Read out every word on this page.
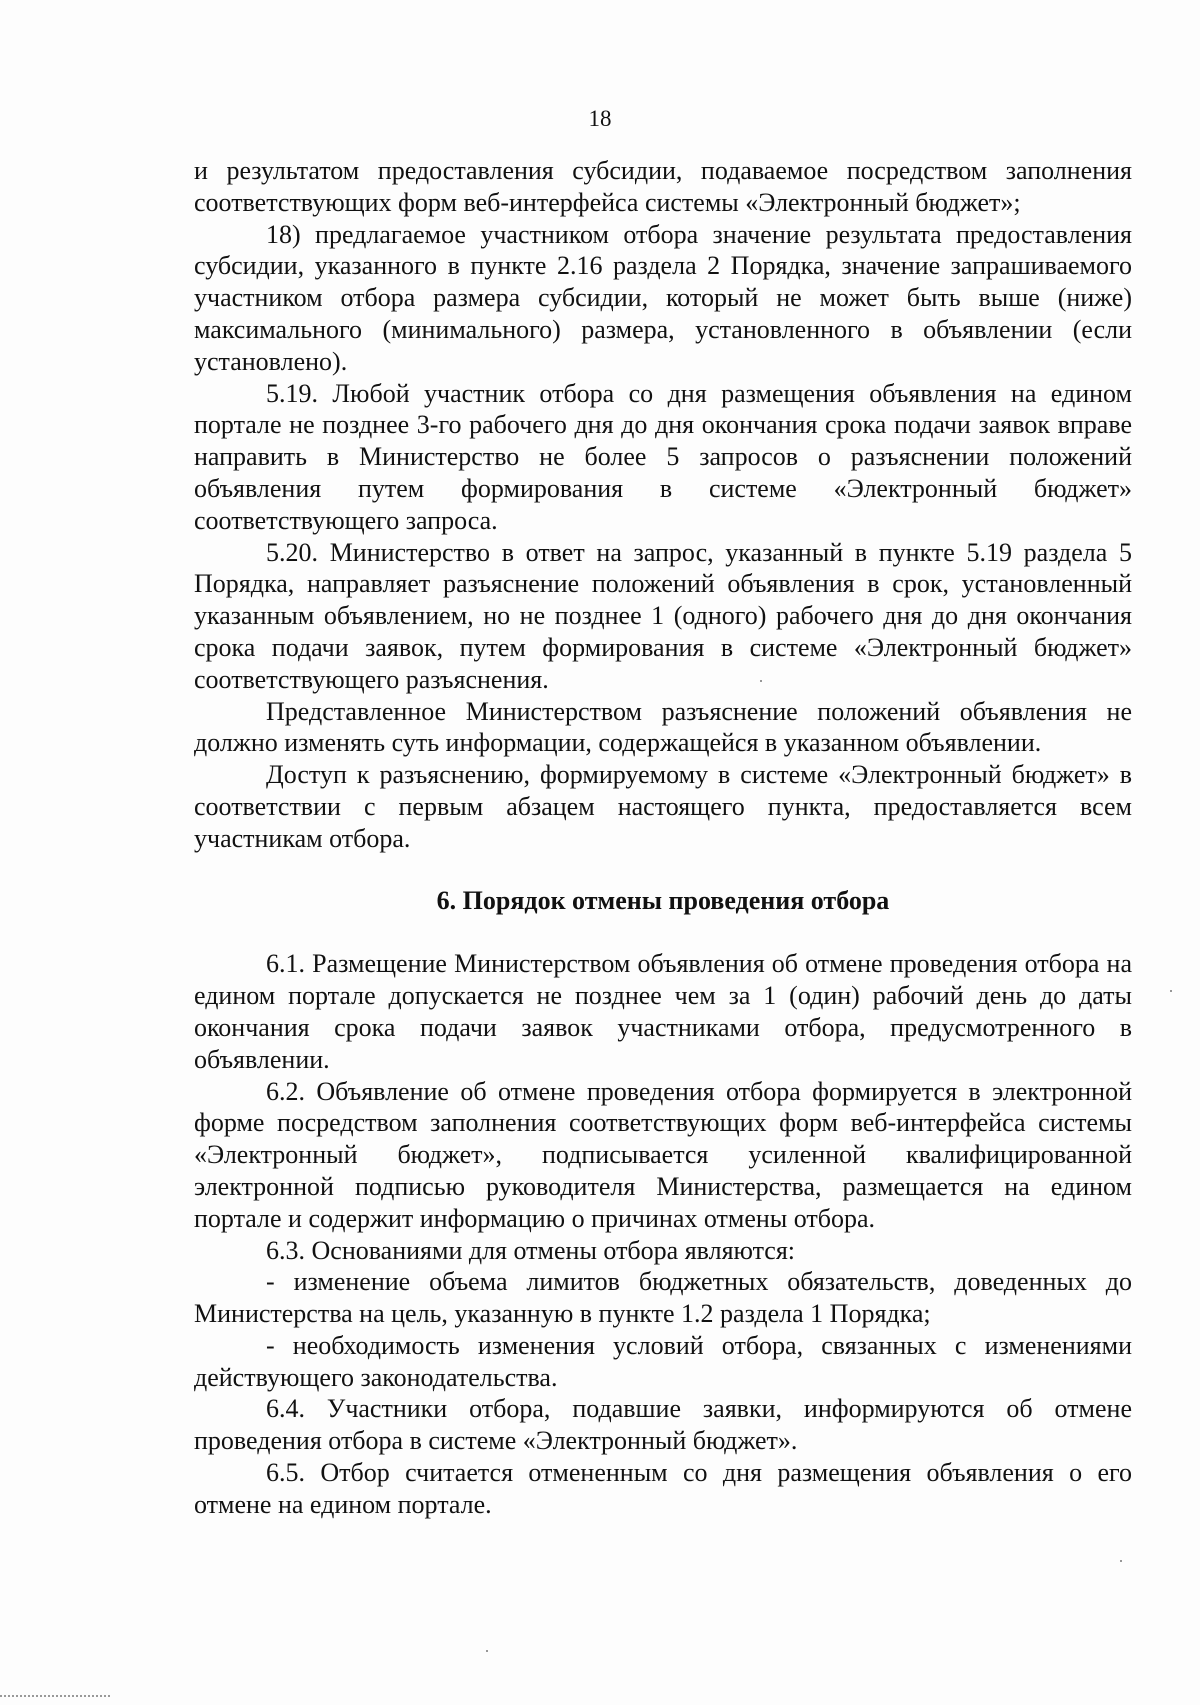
18

и результатом предоставления субсидии, подаваемое посредством заполнения соответствующих форм веб-интерфейса системы «Электронный бюджет»;

18) предлагаемое участником отбора значение результата предоставления субсидии, указанного в пункте 2.16 раздела 2 Порядка, значение запрашиваемого участником отбора размера субсидии, который не может быть выше (ниже) максимального (минимального) размера, установленного в объявлении (если установлено).

5.19. Любой участник отбора со дня размещения объявления на едином портале не позднее 3-го рабочего дня до дня окончания срока подачи заявок вправе направить в Министерство не более 5 запросов о разъяснении положений объявления путем формирования в системе «Электронный бюджет» соответствующего запроса.

5.20. Министерство в ответ на запрос, указанный в пункте 5.19 раздела 5 Порядка, направляет разъяснение положений объявления в срок, установленный указанным объявлением, но не позднее 1 (одного) рабочего дня до дня окончания срока подачи заявок, путем формирования в системе «Электронный бюджет» соответствующего разъяснения.

Представленное Министерством разъяснение положений объявления не должно изменять суть информации, содержащейся в указанном объявлении.

Доступ к разъяснению, формируемому в системе «Электронный бюджет» в соответствии с первым абзацем настоящего пункта, предоставляется всем участникам отбора.

6. Порядок отмены проведения отбора

6.1. Размещение Министерством объявления об отмене проведения отбора на едином портале допускается не позднее чем за 1 (один) рабочий день до даты окончания срока подачи заявок участниками отбора, предусмотренного в объявлении.

6.2. Объявление об отмене проведения отбора формируется в электронной форме посредством заполнения соответствующих форм веб-интерфейса системы «Электронный бюджет», подписывается усиленной квалифицированной электронной подписью руководителя Министерства, размещается на едином портале и содержит информацию о причинах отмены отбора.

6.3. Основаниями для отмены отбора являются:

- изменение объема лимитов бюджетных обязательств, доведенных до Министерства на цель, указанную в пункте 1.2 раздела 1 Порядка;

- необходимость изменения условий отбора, связанных с изменениями действующего законодательства.

6.4. Участники отбора, подавшие заявки, информируются об отмене проведения отбора в системе «Электронный бюджет».

6.5. Отбор считается отмененным со дня размещения объявления о его отмене на едином портале.
